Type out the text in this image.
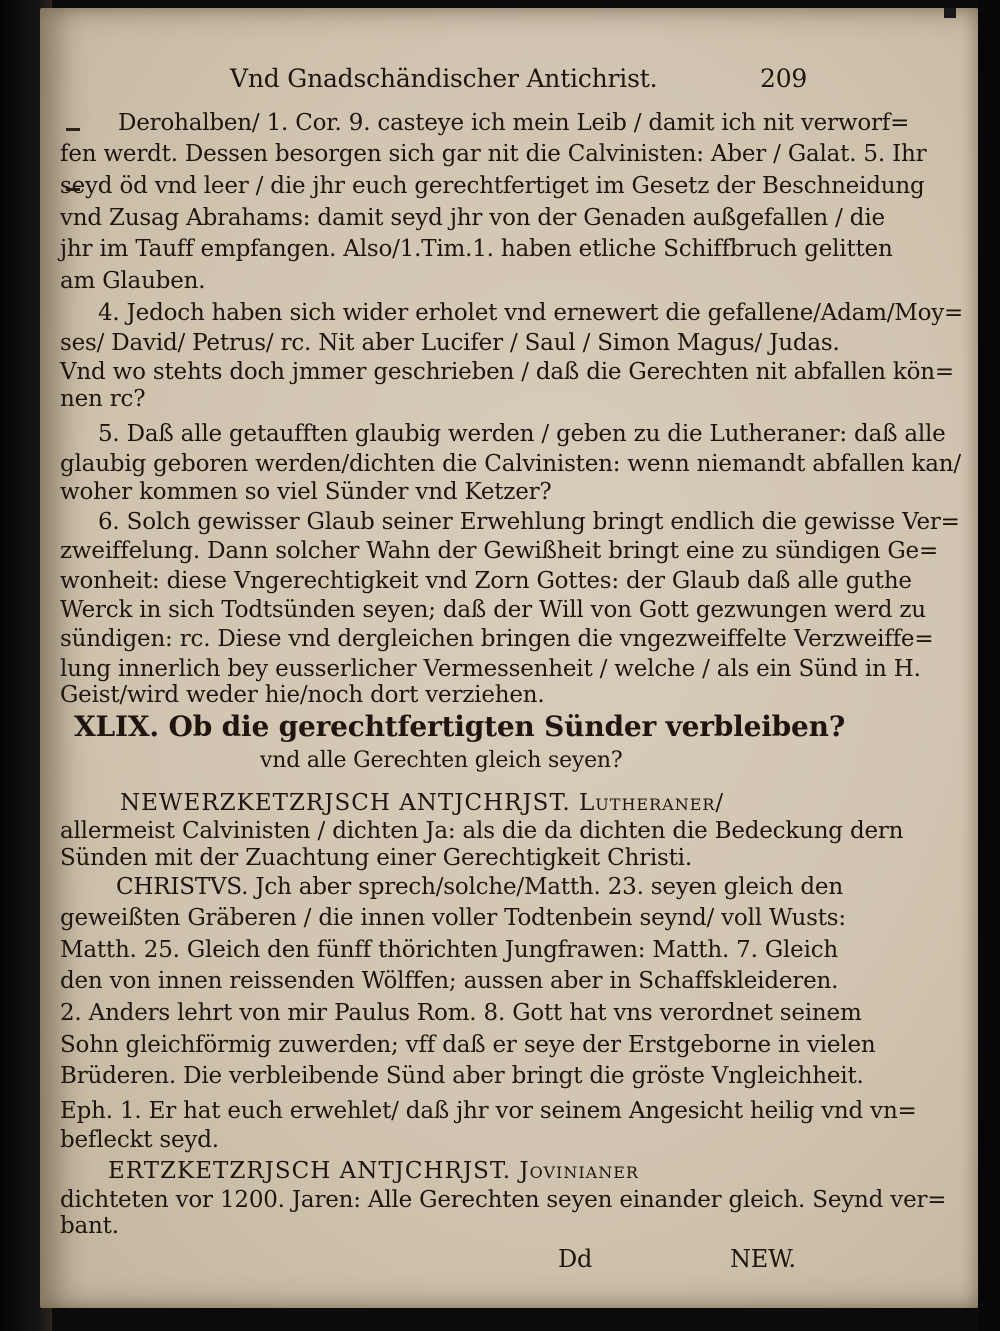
Vnd Gnadschändischer Antichrist.	209
Derohalben/ 1. Cor. 9. casteye ich mein Leib / damit ich nit verworf=
fen werdt. Dessen besorgen sich gar nit die Calvinisten: Aber / Galat. 5. Ihr
seyd öd vnd leer / die jhr euch gerechtfertiget im Gesetz der Beschneidung
vnd Zusag Abrahams: damit seyd jhr von der Genaden außgefallen / die
jhr im Tauff empfangen. Also/1.Tim.1. haben etliche Schiffbruch gelitten
am Glauben.
4. Jedoch haben sich wider erholet vnd ernewert die gefallene/Adam/Moy=
ses/ David/ Petrus/ rc. Nit aber Lucifer / Saul / Simon Magus/ Judas.
Vnd wo stehts doch jmmer geschrieben / daß die Gerechten nit abfallen kön=
nen rc?
5. Daß alle getaufften glaubig werden / geben zu die Lutheraner: daß alle
glaubig geboren werden/dichten die Calvinisten: wenn niemandt abfallen kan/
woher kommen so viel Sünder vnd Ketzer?
6. Solch gewisser Glaub seiner Erwehlung bringt endlich die gewisse Ver=
zweiffelung. Dann solcher Wahn der Gewißheit bringt eine zu sündigen Ge=
wonheit: diese Vngerechtigkeit vnd Zorn Gottes: der Glaub daß alle guthe
Werck in sich Todtsünden seyen; daß der Will von Gott gezwungen werd zu
sündigen: rc. Diese vnd dergleichen bringen die vngezweiffelte Verzweiffe=
lung innerlich bey eusserlicher Vermessenheit / welche / als ein Sünd in H.
Geist/wird weder hie/noch dort verziehen.
XLIX. Ob die gerechtfertigten Sünder verbleiben?
vnd alle Gerechten gleich seyen?
NEWERZKETZRJSCH ANTJCHRJST. Lutheraner/
allermeist Calvinisten / dichten Ja: als die da dichten die Bedeckung dern
Sünden mit der Zuachtung einer Gerechtigkeit Christi.
CHRISTVS. Jch aber sprech/solche/Matth. 23. seyen gleich den
geweißten Gräberen / die innen voller Todtenbein seynd/ voll Wusts:
Matth. 25. Gleich den fünff thörichten Jungfrawen: Matth. 7. Gleich
den von innen reissenden Wölffen; aussen aber in Schaffskleideren.
2. Anders lehrt von mir Paulus Rom. 8. Gott hat vns verordnet seinem
Sohn gleichförmig zuwerden; vff daß er seye der Erstgeborne in vielen
Brüderen. Die verbleibende Sünd aber bringt die gröste Vngleichheit.
Eph. 1. Er hat euch erwehlet/ daß jhr vor seinem Angesicht heilig vnd vn=
befleckt seyd.
ERTZKETZRJSCH ANTJCHRJST. Jovinianer
dichteten vor 1200. Jaren: Alle Gerechten seyen einander gleich. Seynd ver=
bant.
Dd	NEW.
